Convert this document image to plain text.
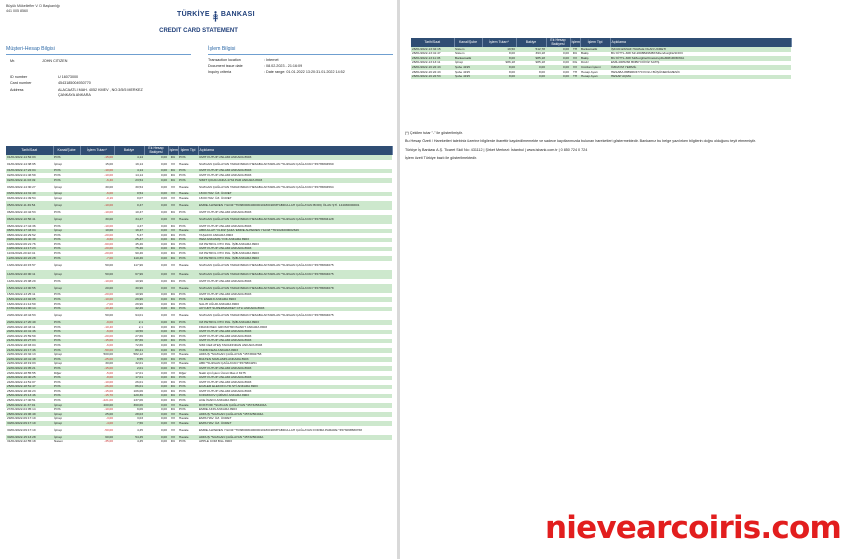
Büyük Mükellefler V. D Başkanlığı
441 005 8560	TÜRKİYE BANKASI
CREDIT CARD STATEMENT
Müşteri-Hesap Bilgisi	İşlem Bilgisi
Mr.	JOHN CITIZEN
ID number	U 16073000
Card number	4543185004930770
Address	ALACAATLI MAH. 4052 KMEV , NO:3/5/5 MERKEZ ÇANKAYA ANKARA
Transaction location	: Internet
Document issue date	: 08.02.2023 - 21:16:09
Inquiry criteria	: Date range: 01.01.2022 13:20:31.01.2022 14:52
Tarih/Saat	Kanal/Şube	İşlem Tutarı*	Bakiye	Ek Hesap Bakiyesi	İşlem	İşlem Tipi	Açıklama
01/01/2022-14:52:03	POS	-15,00	4,14	0,00	DU	POS	UMIT KUTUP UNLAMI ANKARA 8903
01/01/2022-14:38:95	İşCep	15,00	19,14	0,00	XX	Havale	SUZGAN ÇAĞLAYAN TARAFINDAN HESABA AKTARILAN *SUZGAN ÇAĞLAYAN *45735804560
01/01/2022-17:22:04	POS	-10,00	4,14	0,00	DU	POS	UMIT KUTUP UNLAMI ANKARA 8903
02/01/2022-01:46:59	POS	-10,00	14,14	0,00	DU	POS	UMIT KUTUP UNLAMI ANKARA 8903
02/01/2022-11:03:49	POS	-6,40	23,54	0,00	DU	POS	SIMIT ÇIKAN ANKA 4734 PAR ANKARA 8903
03/01/2022-14:30:27	İşCep	30,00	30,54	0,00	XX	Havale	SUZGAN ÇAĞLAYAN TARAFINDAN HESABA AKTARILAN *SUZGAN ÇAĞLAYAN *45735804564
03/01/2022-14:31:40	İşCep	-6,00	0,54	0,00	XX	Havale	18:00 HAV. ÜZ. ÜCRET
04/01/2022-21:49:54	İşCep	-0,16	0,07	0,00	XX	Havale	18:00 HAV. ÜZ. ÜCRET
05/01/2022-11:49:54	İşCep	-10,00	0,47	0,00	XX	Havale	EMRE ALPEREN YILDIZ *TR3800064000001018019068*ABDULLAH ÇAĞLAYAN BORÇ ÖLAN ŞTİ. 144036000001
06/01/2022-10:42:53	POS	-10,00	10,47	0,00	DU	POS	UMIT KUTUP UNLAMI ANKARA 8903
06/01/2022-10:56:41	İşCep	30,00	34,47	0,00	XX	Havale	SUZGAN ÇAĞLAYAN TARAFINDAN HESABA AKTARILAN *SUZGAN ÇAĞLAYAN *45735804128
06/01/2022-17:44:36	POS	-10,00	4,47	0,00	DU	POS	UMIT KUTUP UNLAMI ANKARA 8903
08/01/2022-17:43:04	İşCep	10,00	19,47	0,00	XX	Havale	ABDULLAH YILDIZ ŞAFA 'EMRE ALPEREN YILDIZ *TR1024000002649
08/01/2022-20:29:52	POS	-20,00	5,47	0,00	DU	POS	TAŞLIDO ANKARA 8903
09/01/2022-19:40:39	POS	-9,60	25,47	0,00	DU	POS	HEM ANKAMIŞ YOK ANKARA 8903
10/01/2022-06:21:76	POS	-60,00	45,46	0,00	DU	POS	OZ PETROL OTO ING. İŞİB ANKARA 8903
10/01/2022-14:17:23	POS	-20,00	75,46	0,00	DU	POS	UMIT KUTUP UNLAMI ANKARA 8903
11/01/2022-20:22:41	POS	-20,00	90,46	0,00	DU	POS	OZ PETROL OTO ING. İŞİB ANKARA 8903
12/01/2022-20:22:28	POS	-7,00	110,46	0,00	DU	POS	OZ PETROL OTO ING. İŞİB ANKARA 8903
13/01/2022-20:15:57	İşCep	50,00	117,96	0,00	XX	Havale	SUZGAN ÇAĞLAYAN TARAFINDAN HESABA AKTARILAN *SUZGAN ÇAĞLAYAN *45735804675
14/01/2022-20:00:11	İşCep	50,00	67,96	0,00	XX	Havale	SUZGAN ÇAĞLAYAN TARAFINDAN HESABA AKTARILAN *SUZGAN ÇAĞLAYAN *45735804675
14/01/2022-15:08:29	POS	-10,00	10,96	0,00	DU	POS	UMIT KUTUP UNLAMI ANKARA 8903
15/01/2022-13:00:55	İşCep	20,00	30,96	0,00	XX	Havale	SUZGAN ÇAĞLAYAN TARAFINDAN HESABA AKTARILAN *SUZGAN ÇAĞLAYAN *45735804678
15/01/2022-13:25:11	POS	-20,00	10,96	0,00	DU	POS	UMIT KUTUP UNLAMI ANKARA 8903
15/01/2022-23:02:05	POS	-10,00	29,96	0,00	DU	POS	TK ENERJI ANKARA 8903
16/01/2022-21:12:50	POS	-7,00	29,96	0,00	DU	POS	SALIH UĞUR ANKARA 8903
17/01/2022-21:00:14	POS	-10,20	42,26	0,00	DU	POS	AKYURT SUPERMARKET CTLI ANKARA 8903
20/01/2022-18:44:53	İşCep	50,00	94,01	0,00	XX	Havale	SUZGAN ÇAĞLAYAN TARAFINDAN HESABA AKTARILAN *SUZGAN ÇAĞLAYAN *45735804675
20/01/2022-17:20:49	POS	-9,00	2,1	0,00	DU	POS	OZ PETROL OTO ING. İŞİB ANKARA 8903
20/01/2022-18:43:11	POS	-10,40	2,1	0,00	DU	POS	FRANCISEC GROSOTROSANKT ANKARA 8903
20/01/2022-10:41:46	POS	-6,00	10,56	0,00	DU	POS	UMIT KUTUP UNLAMI ANKARA 8903
20/01/2022-15:59:59	POS	-20,00	27,66	0,00	DU	POS	UMIT KUTUP UNLAMI ANKARA 8903
21/01/2022-16:27:03	POS	-15,00	87,66	0,00	DU	POS	UMIT KUTUP UNLAMI ANKARA 8903
21/01/2022-18:03:04	POS	-6,00	72,66	0,00	DU	POS	SIMI CEZ ATEŞ TARAFINDAN ANKARA 8903
21/01/2022-19:17:46	POS	-50,00	80,21	0,00	DU	POS	TADIM FEZA ANKARA 8903
22/01/2022-16:32:13	İşCep	500,00	582,12	0,00	XX	Havale	ADDUŞ *SUZGAN ÇAĞLAYAN *4573804758
22/01/2022-18:41:48	POS	-25,00	8,55	0,00	DU	POS	BULTEN SOZLAMIS ANKARA 8903
22/01/2022-18:19:03	İşCep	30,00	32,01	0,00	XX	Havale	ABD *SUZGAN ÇAĞLAYAN *4573804251
22/01/2022-19:05:21	POS	-15,00	2,01	0,00	DU	POS	UMIT KUTUP UNLAMI ANKARA 8903
23/01/2022-18:55:55	Diğer	-5,00	17,01	0,00	XX	Diğer	Nakit için İşlem Ücreti Mas 2 8175
24/01/2022-16:40:25	POS	-8,00	17,01	0,00	DU	POS	UMIT KUTUP UNLAMI ANKARA 8903
24/01/2022-14:51:07	POS	-10,00	26,01	0,00	DU	POS	UMIT KUTUP UNLAMI ANKARA 8903
25/01/2022-18:51:47	POS	-26,00	86,01	0,00	DU	POS	ECZLER ELEKON LTD.STİ ANKARA 8903
25/01/2022-18:02:23	POS	-15,00	106,06	0,00	DU	POS	UMIT KUTUP UNLAMI ANKARA 8903
25/01/2022-15:13:46	POS	-15,70	120,36	0,00	DU	POS	KOKMIKOV ÇİZİMCİ ANKARA 8903
26/01/2022-17:40:51	POS	-221,00	137,06	0,00	DU	POS	ACE İNAKO ANKARA 8903
26/01/2022-11:37:01	İşCep	200,00	360,06	0,00	XX	Havale	DOKTORI *SUZGAN ÇAĞLAYAN *4573256404A
27/01/2022-04:05:14	POS	-10,00	9,06	0,00	DU	POS	EMRE AKIN ANKARA 8903
28/01/2022-19:06:49	İşCep	25,00	28,03	0,00	XX	Havale	ADDUŞ *SUZGAN ÇAĞLAYAN *4573256404A
29/01/2022-09:17:19	İşCep	-3,00	3,03	0,00	XX	Havale	EMIS HAV. ÜZ. ÜCRET
30/01/2022-09:17:19	İşCep	-4,00	7,56	0,00	XX	Havale	EMIS HAV. ÜZ. ÜCRET
30/01/2022-09:17:19	İşCep	-50,00	4,45	0,00	XX	Havale	EMRE ALPEREN YILDIZ *TR3800064000001018019068*ABDULLAH ÇAĞLAYAN FORMA PARARE *4573068580768
30/01/2022-15:13:28	İşCep	60,00	54,45	0,00	XX	Havale	ADDUŞ *SUZGAN ÇAĞLAYAN *4573256404A
31/01/2022-22:55:18	Nasen	-35,00	4,45	0,00	DU	POS	APPLE COM BILL 8903
Tarih/Saat	Kanal/Şube	İşlem Tutarı*	Bakiye	Ek Hesap Bakiyesi	İşlem	İşlem Tipi	Açıklama
28/01/2022-13:34:15	Sistem	19,50	512,78	0,00	TH	Bankamatik	İŞKUR-ESNAF HAVALE OLAN UCRETI
28/01/2022-13:41:47	Sistem	8,00	393,18	0,00	DU	Bakiş	BU KİTTL-308 SZ-2008B49MBXSDen/kurgDeSNO3
28/01/2022-13:11:45	Bankamatik	8,00	985,18	0,00	XX	Bakiş	BU KİTTL-308 SZ/kurgDe/iCraAvrupDe8081R0f0X0A
28/01/2022-13:13:11	İşCep	986,18	985,18	0,00	DG	Döviz	EMİL4005266 BDBP DÖVİZ SATIŞ
28/01/2022-16:22:43	Şube 4195	8,00	0,00	0,00	XX	Cüzdan İşlemi	ÖZDAYM YERMİL
28/01/2022-16:22:43	Şube 4195	8,00	8,00	0,00	TH	Hesap Ayarı	HESABA 8889RR4770 KOLU BÜŞÜNERİLMESİ3
28/01/2022-16:22:53	Şube 4195	8,00	0,00	0,00	TH	Hesap Ayarı	HESAP AÇMA
(*) Çekilen tutar "-" ile gösterilmiştir.
Bu Hesap Özeti / Hareketleri talebiniz üzerine bilgilerde ibarettir kaydedilmemekte ve sadece kayıtlarımızda bulunan hareketleri göstermektedir. Bankamız bu belge yazılırken bilgilerin doğru olduğunu teyit etmemiştir.
Türkiye İş Bankası A.Ş. Ticaret Sicil No: 431112 | Şirket Merkezi: İstanbul | www.isbank.com.tr | 0 850 724 0 724
İşlem özeti Türkiye bazlı ile gösterilmektedir.
nievearcoiris.com
